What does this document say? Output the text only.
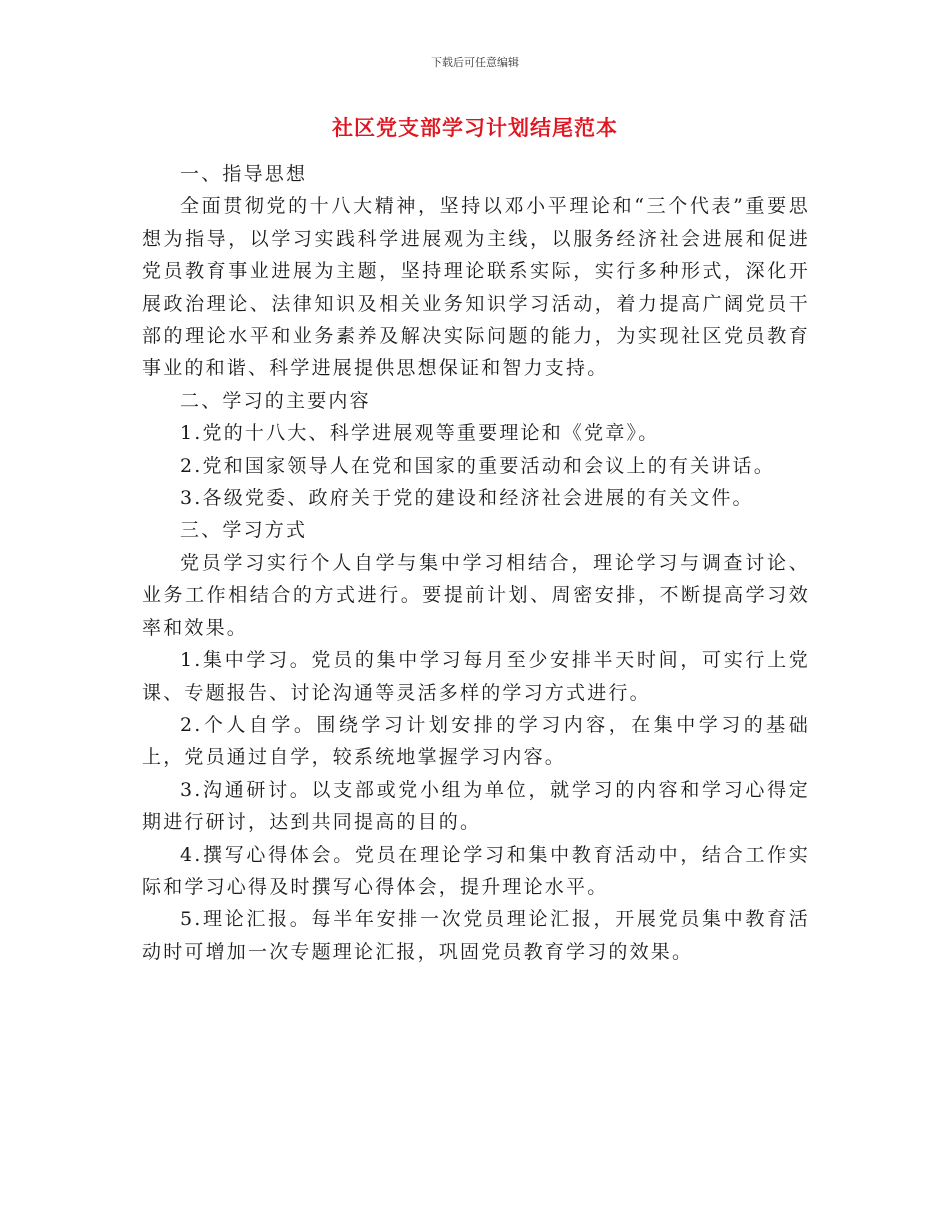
下载后可任意编辑
社区党支部学习计划结尾范本

一、指导思想

全面贯彻党的十八大精神，坚持以邓小平理论和“三个代表”重要思想为指导，以学习实践科学进展观为主线，以服务经济社会进展和促进党员教育事业进展为主题，坚持理论联系实际，实行多种形式，深化开展政治理论、法律知识及相关业务知识学习活动，着力提高广阔党员干部的理论水平和业务素养及解决实际问题的能力，为实现社区党员教育事业的和谐、科学进展提供思想保证和智力支持。

二、学习的主要内容

1.党的十八大、科学进展观等重要理论和《党章》。

2.党和国家领导人在党和国家的重要活动和会议上的有关讲话。

3.各级党委、政府关于党的建设和经济社会进展的有关文件。

三、学习方式

党员学习实行个人自学与集中学习相结合，理论学习与调查讨论、业务工作相结合的方式进行。要提前计划、周密安排，不断提高学习效率和效果。

1.集中学习。党员的集中学习每月至少安排半天时间，可实行上党课、专题报告、讨论沟通等灵活多样的学习方式进行。

2.个人自学。围绕学习计划安排的学习内容，在集中学习的基础上，党员通过自学，较系统地掌握学习内容。

3.沟通研讨。以支部或党小组为单位，就学习的内容和学习心得定期进行研讨，达到共同提高的目的。

4.撰写心得体会。党员在理论学习和集中教育活动中，结合工作实际和学习心得及时撰写心得体会，提升理论水平。

5.理论汇报。每半年安排一次党员理论汇报，开展党员集中教育活动时可增加一次专题理论汇报，巩固党员教育学习的效果。
